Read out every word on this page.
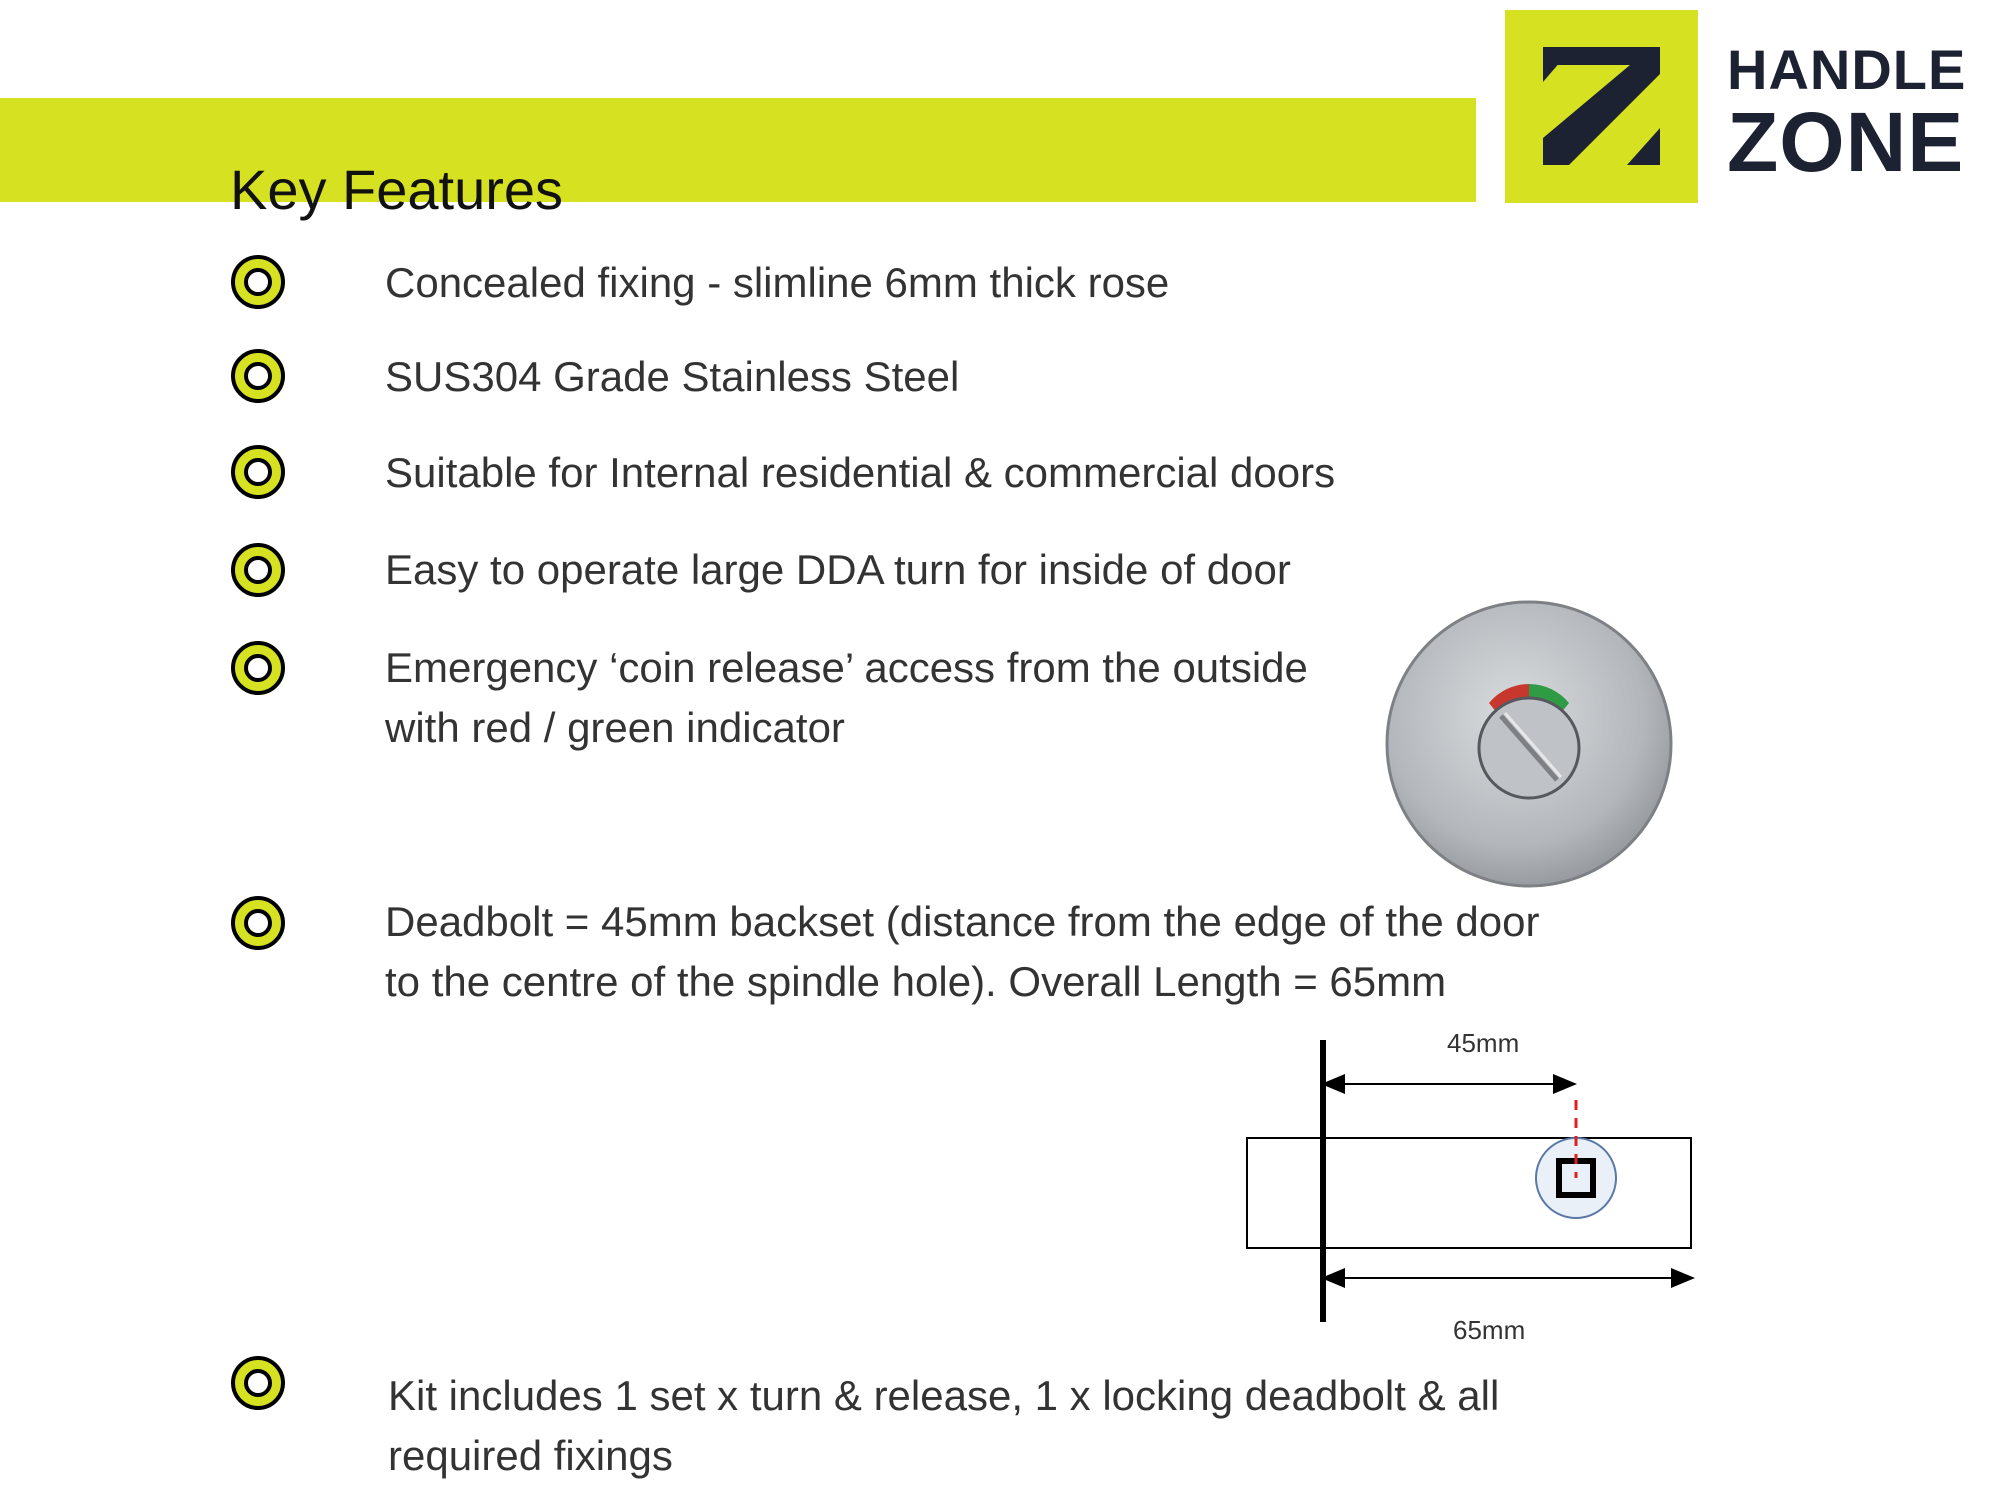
Key Features
HANDLE
ZONE
Concealed fixing - slimline 6mm thick rose
SUS304 Grade Stainless Steel
Suitable for Internal residential & commercial doors
Easy to operate large DDA turn for inside of door
Emergency ‘coin release’ access from the outside
with red / green indicator
Deadbolt = 45mm backset (distance from the edge of the door
to the centre of the spindle hole). Overall Length = 65mm
45mm
65mm
Kit includes 1 set x turn & release, 1 x locking deadbolt & all
required fixings
